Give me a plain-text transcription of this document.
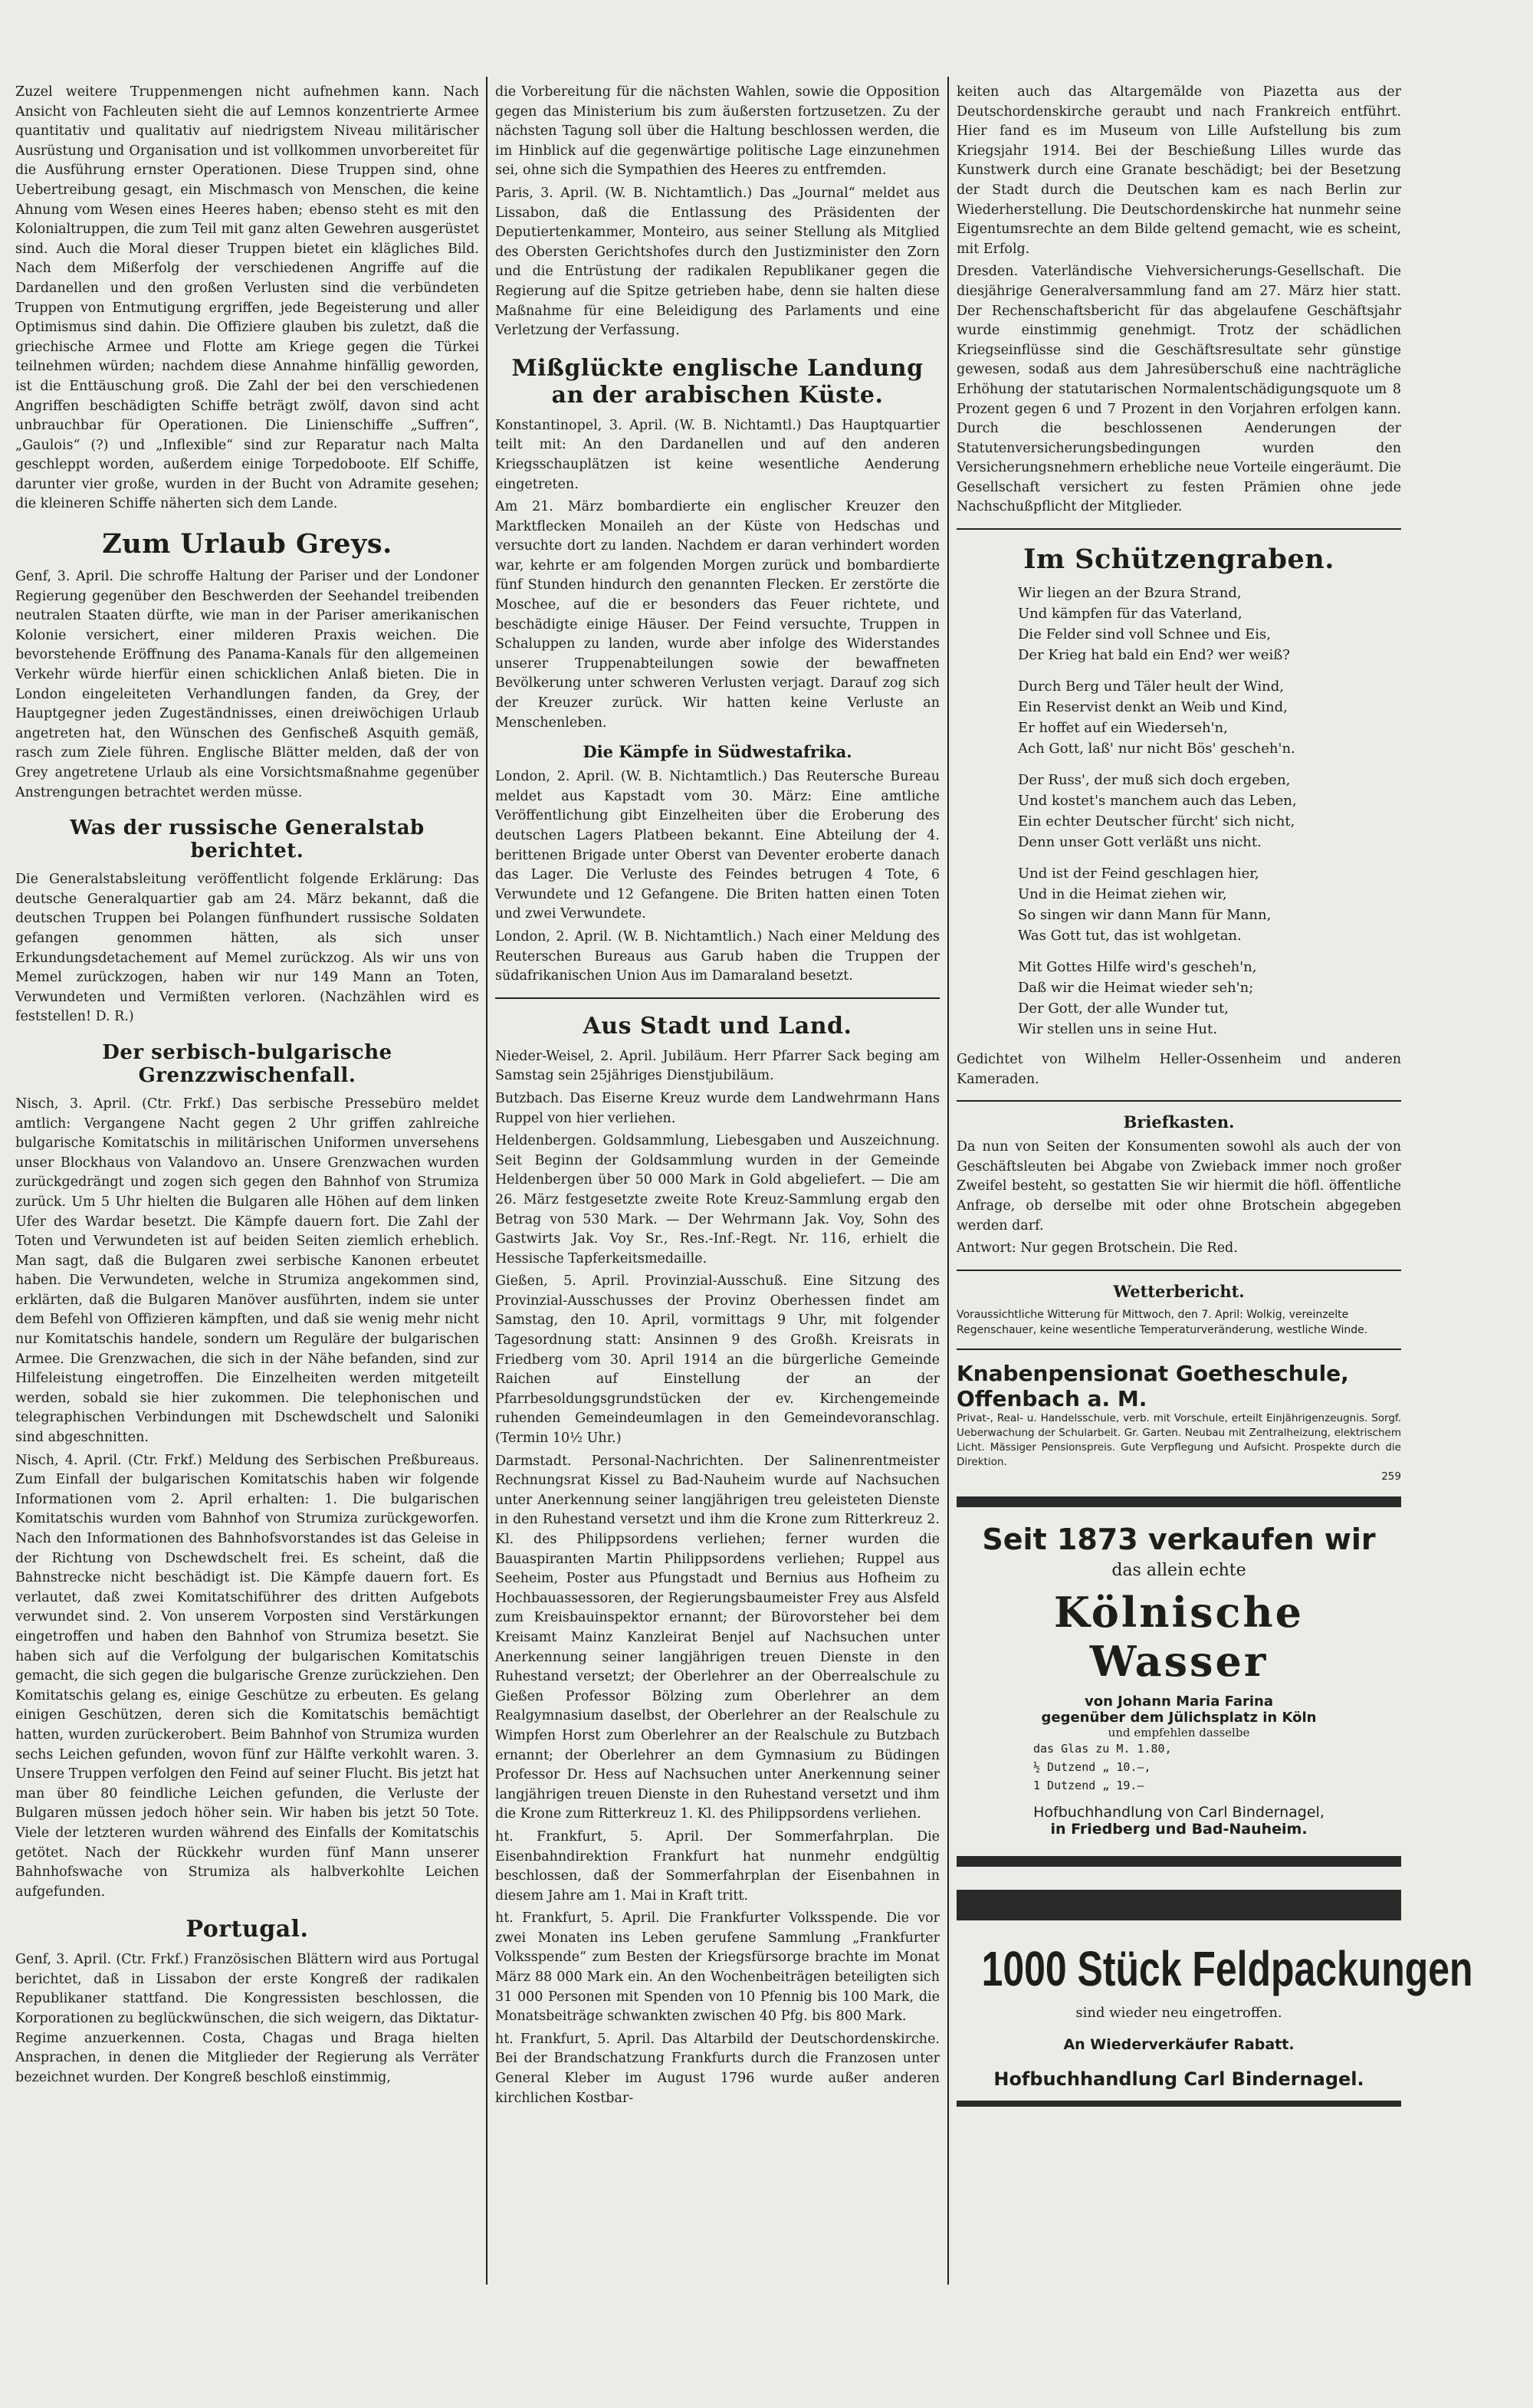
Zuzel weitere Truppenmengen nicht aufnehmen kann. Nach Ansicht von Fachleuten sieht die auf Lemnos konzentrierte Armee quantitativ und qualitativ auf niedrigstem Niveau militärischer Ausrüstung und Organisation und ist vollkommen unvorbereitet für die Ausführung ernster Operationen. Diese Truppen sind, ohne Uebertreibung gesagt, ein Mischmasch von Menschen, die keine Ahnung vom Wesen eines Heeres haben; ebenso steht es mit den Kolonialtruppen, die zum Teil mit ganz alten Gewehren ausgerüstet sind. Auch die Moral dieser Truppen bietet ein klägliches Bild. Nach dem Mißerfolg der verschiedenen Angriffe auf die Dardanellen und den großen Verlusten sind die verbündeten Truppen von Entmutigung ergriffen, jede Begeisterung und aller Optimismus sind dahin. Die Offiziere glauben bis zuletzt, daß die griechische Armee und Flotte am Kriege gegen die Türkei teilnehmen würden; nachdem diese Annahme hinfällig geworden, ist die Enttäuschung groß. Die Zahl der bei den verschiedenen Angriffen beschädigten Schiffe beträgt zwölf, davon sind acht unbrauchbar für Operationen. Die Linienschiffe „Suffren“, „Gaulois“ (?) und „Inflexible“ sind zur Reparatur nach Malta geschleppt worden, außerdem einige Torpedoboote. Elf Schiffe, darunter vier große, wurden in der Bucht von Adramite gesehen; die kleineren Schiffe näherten sich dem Lande.

Zum Urlaub Greys.

Genf, 3. April. Die schroffe Haltung der Pariser und der Londoner Regierung gegenüber den Beschwerden der Seehandel treibenden neutralen Staaten dürfte, wie man in der Pariser amerikanischen Kolonie versichert, einer milderen Praxis weichen. Die bevorstehende Eröffnung des Panama-Kanals für den allgemeinen Verkehr würde hierfür einen schicklichen Anlaß bieten. Die in London eingeleiteten Verhandlungen fanden, da Grey, der Hauptgegner jeden Zugeständnisses, einen dreiwöchigen Urlaub angetreten hat, den Wünschen des Genfischeß Asquith gemäß, rasch zum Ziele führen. Englische Blätter melden, daß der von Grey angetretene Urlaub als eine Vorsichtsmaßnahme gegenüber Anstrengungen betrachtet werden müsse.

Was der russische Generalstab berichtet.

Die Generalstabsleitung veröffentlicht folgende Erklärung: Das deutsche Generalquartier gab am 24. März bekannt, daß die deutschen Truppen bei Polangen fünfhundert russische Soldaten gefangen genommen hätten, als sich unser Erkundungsdetachement auf Memel zurückzog. Als wir uns von Memel zurückzogen, haben wir nur 149 Mann an Toten, Verwundeten und Vermißten verloren. (Nachzählen wird es feststellen! D. R.)

Der serbisch-bulgarische Grenzzwischenfall.

Nisch, 3. April. (Ctr. Frkf.) Das serbische Pressebüro meldet amtlich: Vergangene Nacht gegen 2 Uhr griffen zahlreiche bulgarische Komitatschis in militärischen Uniformen unversehens unser Blockhaus von Valandovo an. Unsere Grenzwachen wurden zurückgedrängt und zogen sich gegen den Bahnhof von Strumiza zurück. Um 5 Uhr hielten die Bulgaren alle Höhen auf dem linken Ufer des Wardar besetzt. Die Kämpfe dauern fort. Die Zahl der Toten und Verwundeten ist auf beiden Seiten ziemlich erheblich. Man sagt, daß die Bulgaren zwei serbische Kanonen erbeutet haben. Die Verwundeten, welche in Strumiza angekommen sind, erklärten, daß die Bulgaren Manöver ausführten, indem sie unter dem Befehl von Offizieren kämpften, und daß sie wenig mehr nicht nur Komitatschis handele, sondern um Reguläre der bulgarischen Armee. Die Grenzwachen, die sich in der Nähe befanden, sind zur Hilfeleistung eingetroffen. Die Einzelheiten werden mitgeteilt werden, sobald sie hier zukommen. Die telephonischen und telegraphischen Verbindungen mit Dschewdschelt und Saloniki sind abgeschnitten.

Nisch, 4. April. (Ctr. Frkf.) Meldung des Serbischen Preßbureaus. Zum Einfall der bulgarischen Komitatschis haben wir folgende Informationen vom 2. April erhalten: 1. Die bulgarischen Komitatschis wurden vom Bahnhof von Strumiza zurückgeworfen. Nach den Informationen des Bahnhofsvorstandes ist das Geleise in der Richtung von Dschewdschelt frei. Es scheint, daß die Bahnstrecke nicht beschädigt ist. Die Kämpfe dauern fort. Es verlautet, daß zwei Komitatschiführer des dritten Aufgebots verwundet sind. 2. Von unserem Vorposten sind Verstärkungen eingetroffen und haben den Bahnhof von Strumiza besetzt. Sie haben sich auf die Verfolgung der bulgarischen Komitatschis gemacht, die sich gegen die bulgarische Grenze zurückziehen. Den Komitatschis gelang es, einige Geschütze zu erbeuten. Es gelang einigen Geschützen, deren sich die Komitatschis bemächtigt hatten, wurden zurückerobert. Beim Bahnhof von Strumiza wurden sechs Leichen gefunden, wovon fünf zur Hälfte verkohlt waren. 3. Unsere Truppen verfolgen den Feind auf seiner Flucht. Bis jetzt hat man über 80 feindliche Leichen gefunden, die Verluste der Bulgaren müssen jedoch höher sein. Wir haben bis jetzt 50 Tote. Viele der letzteren wurden während des Einfalls der Komitatschis getötet. Nach der Rückkehr wurden fünf Mann unserer Bahnhofswache von Strumiza als halbverkohlte Leichen aufgefunden.

Portugal.

Genf, 3. April. (Ctr. Frkf.) Französischen Blättern wird aus Portugal berichtet, daß in Lissabon der erste Kongreß der radikalen Republikaner stattfand. Die Kongressisten beschlossen, die Korporationen zu beglückwünschen, die sich weigern, das Diktatur-Regime anzuerkennen. Costa, Chagas und Braga hielten Ansprachen, in denen die Mitglieder der Regierung als Verräter bezeichnet wurden. Der Kongreß beschloß einstimmig,

die Vorbereitung für die nächsten Wahlen, sowie die Opposition gegen das Ministerium bis zum äußersten fortzusetzen. Zu der nächsten Tagung soll über die Haltung beschlossen werden, die im Hinblick auf die gegenwärtige politische Lage einzunehmen sei, ohne sich die Sympathien des Heeres zu entfremden.

Paris, 3. April. (W. B. Nichtamtlich.) Das „Journal“ meldet aus Lissabon, daß die Entlassung des Präsidenten der Deputiertenkammer, Monteiro, aus seiner Stellung als Mitglied des Obersten Gerichtshofes durch den Justizminister den Zorn und die Entrüstung der radikalen Republikaner gegen die Regierung auf die Spitze getrieben habe, denn sie halten diese Maßnahme für eine Beleidigung des Parlaments und eine Verletzung der Verfassung.

Mißglückte englische Landung an der arabischen Küste.

Konstantinopel, 3. April. (W. B. Nichtamtl.) Das Hauptquartier teilt mit: An den Dardanellen und auf den anderen Kriegsschauplätzen ist keine wesentliche Aenderung eingetreten.

Am 21. März bombardierte ein englischer Kreuzer den Marktflecken Monaileh an der Küste von Hedschas und versuchte dort zu landen. Nachdem er daran verhindert worden war, kehrte er am folgenden Morgen zurück und bombardierte fünf Stunden hindurch den genannten Flecken. Er zerstörte die Moschee, auf die er besonders das Feuer richtete, und beschädigte einige Häuser. Der Feind versuchte, Truppen in Schaluppen zu landen, wurde aber infolge des Widerstandes unserer Truppenabteilungen sowie der bewaffneten Bevölkerung unter schweren Verlusten verjagt. Darauf zog sich der Kreuzer zurück. Wir hatten keine Verluste an Menschenleben.

Die Kämpfe in Südwestafrika.

London, 2. April. (W. B. Nichtamtlich.) Das Reutersche Bureau meldet aus Kapstadt vom 30. März: Eine amtliche Veröffentlichung gibt Einzelheiten über die Eroberung des deutschen Lagers Platbeen bekannt. Eine Abteilung der 4. berittenen Brigade unter Oberst van Deventer eroberte danach das Lager. Die Verluste des Feindes betrugen 4 Tote, 6 Verwundete und 12 Gefangene. Die Briten hatten einen Toten und zwei Verwundete.

London, 2. April. (W. B. Nichtamtlich.) Nach einer Meldung des Reuterschen Bureaus aus Garub haben die Truppen der südafrikanischen Union Aus im Damaraland besetzt.

Aus Stadt und Land.

Nieder-Weisel, 2. April. Jubiläum. Herr Pfarrer Sack beging am Samstag sein 25jähriges Dienstjubiläum.

Butzbach. Das Eiserne Kreuz wurde dem Landwehrmann Hans Ruppel von hier verliehen.

Heldenbergen. Goldsammlung, Liebesgaben und Auszeichnung. Seit Beginn der Goldsammlung wurden in der Gemeinde Heldenbergen über 50 000 Mark in Gold abgeliefert. — Die am 26. März festgesetzte zweite Rote Kreuz-Sammlung ergab den Betrag von 530 Mark. — Der Wehrmann Jak. Voy, Sohn des Gastwirts Jak. Voy Sr., Res.-Inf.-Regt. Nr. 116, erhielt die Hessische Tapferkeitsmedaille.

Gießen, 5. April. Provinzial-Ausschuß. Eine Sitzung des Provinzial-Ausschusses der Provinz Oberhessen findet am Samstag, den 10. April, vormittags 9 Uhr, mit folgender Tagesordnung statt: Ansinnen 9 des Großh. Kreisrats in Friedberg vom 30. April 1914 an die bürgerliche Gemeinde Raichen auf Einstellung der an der Pfarrbesoldungsgrundstücken der ev. Kirchengemeinde ruhenden Gemeindeumlagen in den Gemeindevoranschlag. (Termin 10½ Uhr.)

Darmstadt. Personal-Nachrichten. Der Salinenrentmeister Rechnungsrat Kissel zu Bad-Nauheim wurde auf Nachsuchen unter Anerkennung seiner langjährigen treu geleisteten Dienste in den Ruhestand versetzt und ihm die Krone zum Ritterkreuz 2. Kl. des Philippsordens verliehen; ferner wurden die Bauaspiranten Martin Philippsordens verliehen; Ruppel aus Seeheim, Poster aus Pfungstadt und Bernius aus Hofheim zu Hochbauassessoren, der Regierungsbaumeister Frey aus Alsfeld zum Kreisbauinspektor ernannt; der Bürovorsteher bei dem Kreisamt Mainz Kanzleirat Benjel auf Nachsuchen unter Anerkennung seiner langjährigen treuen Dienste in den Ruhestand versetzt; der Oberlehrer an der Oberrealschule zu Gießen Professor Bölzing zum Oberlehrer an dem Realgymnasium daselbst, der Oberlehrer an der Realschule zu Wimpfen Horst zum Oberlehrer an der Realschule zu Butzbach ernannt; der Oberlehrer an dem Gymnasium zu Büdingen Professor Dr. Hess auf Nachsuchen unter Anerkennung seiner langjährigen treuen Dienste in den Ruhestand versetzt und ihm die Krone zum Ritterkreuz 1. Kl. des Philippsordens verliehen.

ht. Frankfurt, 5. April. Der Sommerfahrplan. Die Eisenbahndirektion Frankfurt hat nunmehr endgültig beschlossen, daß der Sommerfahrplan der Eisenbahnen in diesem Jahre am 1. Mai in Kraft tritt.

ht. Frankfurt, 5. April. Die Frankfurter Volksspende. Die vor zwei Monaten ins Leben gerufene Sammlung „Frankfurter Volksspende“ zum Besten der Kriegsfürsorge brachte im Monat März 88 000 Mark ein. An den Wochenbeiträgen beteiligten sich 31 000 Personen mit Spenden von 10 Pfennig bis 100 Mark, die Monatsbeiträge schwankten zwischen 40 Pfg. bis 800 Mark.

ht. Frankfurt, 5. April. Das Altarbild der Deutschordenskirche. Bei der Brandschatzung Frankfurts durch die Franzosen unter General Kleber im August 1796 wurde außer anderen kirchlichen Kostbar-

keiten auch das Altargemälde von Piazetta aus der Deutschordenskirche geraubt und nach Frankreich entführt. Hier fand es im Museum von Lille Aufstellung bis zum Kriegsjahr 1914. Bei der Beschießung Lilles wurde das Kunstwerk durch eine Granate beschädigt; bei der Besetzung der Stadt durch die Deutschen kam es nach Berlin zur Wiederherstellung. Die Deutschordenskirche hat nunmehr seine Eigentumsrechte an dem Bilde geltend gemacht, wie es scheint, mit Erfolg.

Dresden. Vaterländische Viehversicherungs-Gesellschaft. Die diesjährige Generalversammlung fand am 27. März hier statt. Der Rechenschaftsbericht für das abgelaufene Geschäftsjahr wurde einstimmig genehmigt. Trotz der schädlichen Kriegseinflüsse sind die Geschäftsresultate sehr günstige gewesen, sodaß aus dem Jahresüberschuß eine nachträgliche Erhöhung der statutarischen Normalentschädigungsquote um 8 Prozent gegen 6 und 7 Prozent in den Vorjahren erfolgen kann. Durch die beschlossenen Aenderungen der Statutenversicherungsbedingungen wurden den Versicherungsnehmern erhebliche neue Vorteile eingeräumt. Die Gesellschaft versichert zu festen Prämien ohne jede Nachschußpflicht der Mitglieder.

Im Schützengraben.
Wir liegen an der Bzura Strand,
Und kämpfen für das Vaterland,
Die Felder sind voll Schnee und Eis,
Der Krieg hat bald ein End? wer weiß?
Durch Berg und Täler heult der Wind,
Ein Reservist denkt an Weib und Kind,
Er hoffet auf ein Wiederseh'n,
Ach Gott, laß' nur nicht Bös' gescheh'n.
Der Russ', der muß sich doch ergeben,
Und kostet's manchem auch das Leben,
Ein echter Deutscher fürcht' sich nicht,
Denn unser Gott verläßt uns nicht.
Und ist der Feind geschlagen hier,
Und in die Heimat ziehen wir,
So singen wir dann Mann für Mann,
Was Gott tut, das ist wohlgetan.
Mit Gottes Hilfe wird's gescheh'n,
Daß wir die Heimat wieder seh'n;
Der Gott, der alle Wunder tut,
Wir stellen uns in seine Hut.

Gedichtet von Wilhelm Heller-Ossenheim und anderen Kameraden.

Briefkasten.

Da nun von Seiten der Konsumenten sowohl als auch der von Geschäftsleuten bei Abgabe von Zwieback immer noch großer Zweifel besteht, so gestatten Sie wir hiermit die höfl. öffentliche Anfrage, ob derselbe mit oder ohne Brotschein abgegeben werden darf.

Antwort: Nur gegen Brotschein. Die Red.

Wetterbericht.
Voraussichtliche Witterung für Mittwoch, den 7. April: Wolkig, vereinzelte Regenschauer, keine wesentliche Temperaturveränderung, westliche Winde.
Knabenpensionat Goetheschule, Offenbach a. M.
Privat-, Real- u. Handelsschule, verb. mit Vorschule, erteilt Einjährigenzeugnis. Sorgf. Ueberwachung der Schularbeit. Gr. Garten. Neubau mit Zentralheizung, elektrischem Licht. Mässiger Pensionspreis. Gute Verpflegung und Aufsicht. Prospekte durch die Direktion.
259
Seit 1873 verkaufen wir
das allein echte
Kölnische Wasser
von Johann Maria Farina
gegenüber dem Jülichsplatz in Köln
und empfehlen dasselbe
das Glas zu M. 1.80,
½ Dutzend „ 10.—,
1 Dutzend „ 19.—
Hofbuchhandlung von Carl Bindernagel,
in Friedberg und Bad-Nauheim.
1000 Stück Feldpackungen
sind wieder neu eingetroffen.
An Wiederverkäufer Rabatt.
Hofbuchhandlung Carl Bindernagel.
